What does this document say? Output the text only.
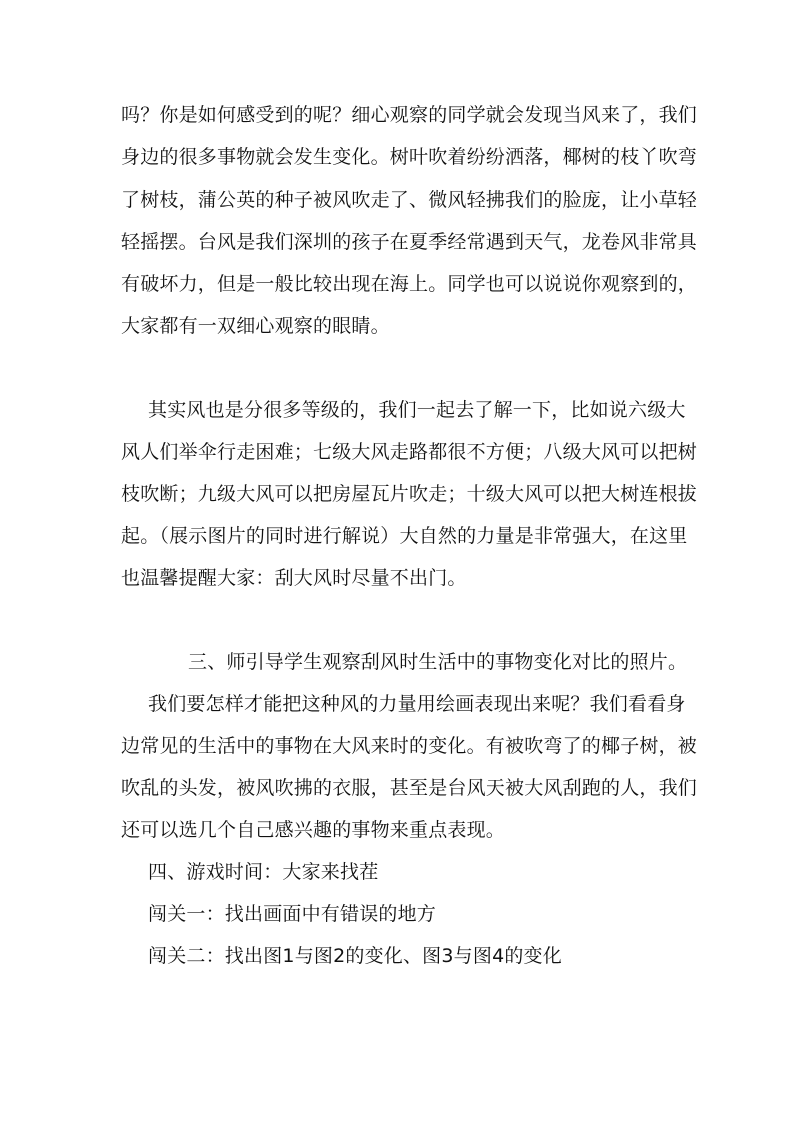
吗？你是如何感受到的呢？细心观察的同学就会发现当风来了，我们
身边的很多事物就会发生变化。树叶吹着纷纷洒落，椰树的枝丫吹弯
了树枝，蒲公英的种子被风吹走了、微风轻拂我们的脸庞，让小草轻
轻摇摆。台风是我们深圳的孩子在夏季经常遇到天气，龙卷风非常具
有破坏力，但是一般比较出现在海上。同学也可以说说你观察到的，
大家都有一双细心观察的眼睛。
其实风也是分很多等级的，我们一起去了解一下，比如说六级大
风人们举伞行走困难；七级大风走路都很不方便；八级大风可以把树
枝吹断；九级大风可以把房屋瓦片吹走；十级大风可以把大树连根拔
起。（展示图片的同时进行解说）大自然的力量是非常强大，在这里
也温馨提醒大家：刮大风时尽量不出门。
三、师引导学生观察刮风时生活中的事物变化对比的照片。
我们要怎样才能把这种风的力量用绘画表现出来呢？我们看看身
边常见的生活中的事物在大风来时的变化。有被吹弯了的椰子树，被
吹乱的头发，被风吹拂的衣服，甚至是台风天被大风刮跑的人，我们
还可以选几个自己感兴趣的事物来重点表现。
四、游戏时间：大家来找茬
闯关一：找出画面中有错误的地方
闯关二：找出图1与图2的变化、图3与图4的变化
